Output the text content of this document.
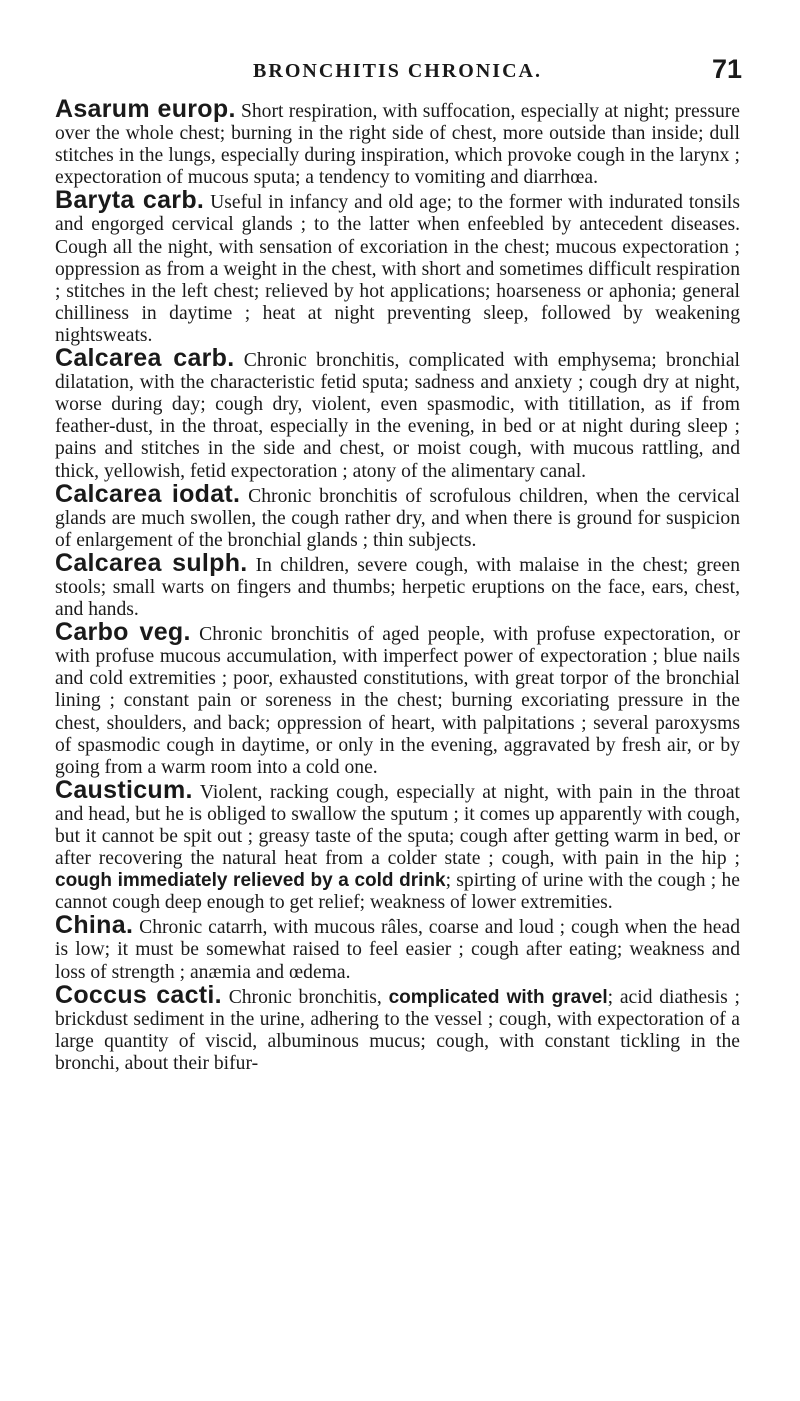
BRONCHITIS CHRONICA.	71

Asarum europ. Short respiration, with suffocation, especially at night; pressure over the whole chest; burning in the right side of chest, more outside than inside; dull stitches in the lungs, especially during inspiration, which provoke cough in the larynx ; expectoration of mucous sputa; a tendency to vomiting and diarrhœa.

Baryta carb. Useful in infancy and old age; to the former with indurated tonsils and engorged cervical glands ; to the latter when enfeebled by antecedent diseases. Cough all the night, with sensation of excoriation in the chest; mucous expectoration ; oppression as from a weight in the chest, with short and sometimes difficult respiration ; stitches in the left chest; relieved by hot applications; hoarseness or aphonia; general chilliness in daytime ; heat at night preventing sleep, followed by weakening nightsweats.

Calcarea carb. Chronic bronchitis, complicated with emphysema; bronchial dilatation, with the characteristic fetid sputa; sadness and anxiety ; cough dry at night, worse during day; cough dry, violent, even spasmodic, with titillation, as if from feather-dust, in the throat, especially in the evening, in bed or at night during sleep ; pains and stitches in the side and chest, or moist cough, with mucous rattling, and thick, yellowish, fetid expectoration ; atony of the alimentary canal.

Calcarea iodat. Chronic bronchitis of scrofulous children, when the cervical glands are much swollen, the cough rather dry, and when there is ground for suspicion of enlargement of the bronchial glands ; thin subjects.

Calcarea sulph. In children, severe cough, with malaise in the chest; green stools; small warts on fingers and thumbs; herpetic eruptions on the face, ears, chest, and hands.

Carbo veg. Chronic bronchitis of aged people, with profuse expectoration, or with profuse mucous accumulation, with imperfect power of expectoration ; blue nails and cold extremities ; poor, exhausted constitutions, with great torpor of the bronchial lining ; constant pain or soreness in the chest; burning excoriating pressure in the chest, shoulders, and back; oppression of heart, with palpitations ; several paroxysms of spasmodic cough in daytime, or only in the evening, aggravated by fresh air, or by going from a warm room into a cold one.

Causticum. Violent, racking cough, especially at night, with pain in the throat and head, but he is obliged to swallow the sputum ; it comes up apparently with cough, but it cannot be spit out ; greasy taste of the sputa; cough after getting warm in bed, or after recovering the natural heat from a colder state ; cough, with pain in the hip ; cough immediately relieved by a cold drink; spirting of urine with the cough ; he cannot cough deep enough to get relief; weakness of lower extremities.

China. Chronic catarrh, with mucous râles, coarse and loud ; cough when the head is low; it must be somewhat raised to feel easier ; cough after eating; weakness and loss of strength ; anæmia and œdema.

Coccus cacti. Chronic bronchitis, complicated with gravel; acid diathesis ; brickdust sediment in the urine, adhering to the vessel ; cough, with expectoration of a large quantity of viscid, albuminous mucus; cough, with constant tickling in the bronchi, about their bifur-
